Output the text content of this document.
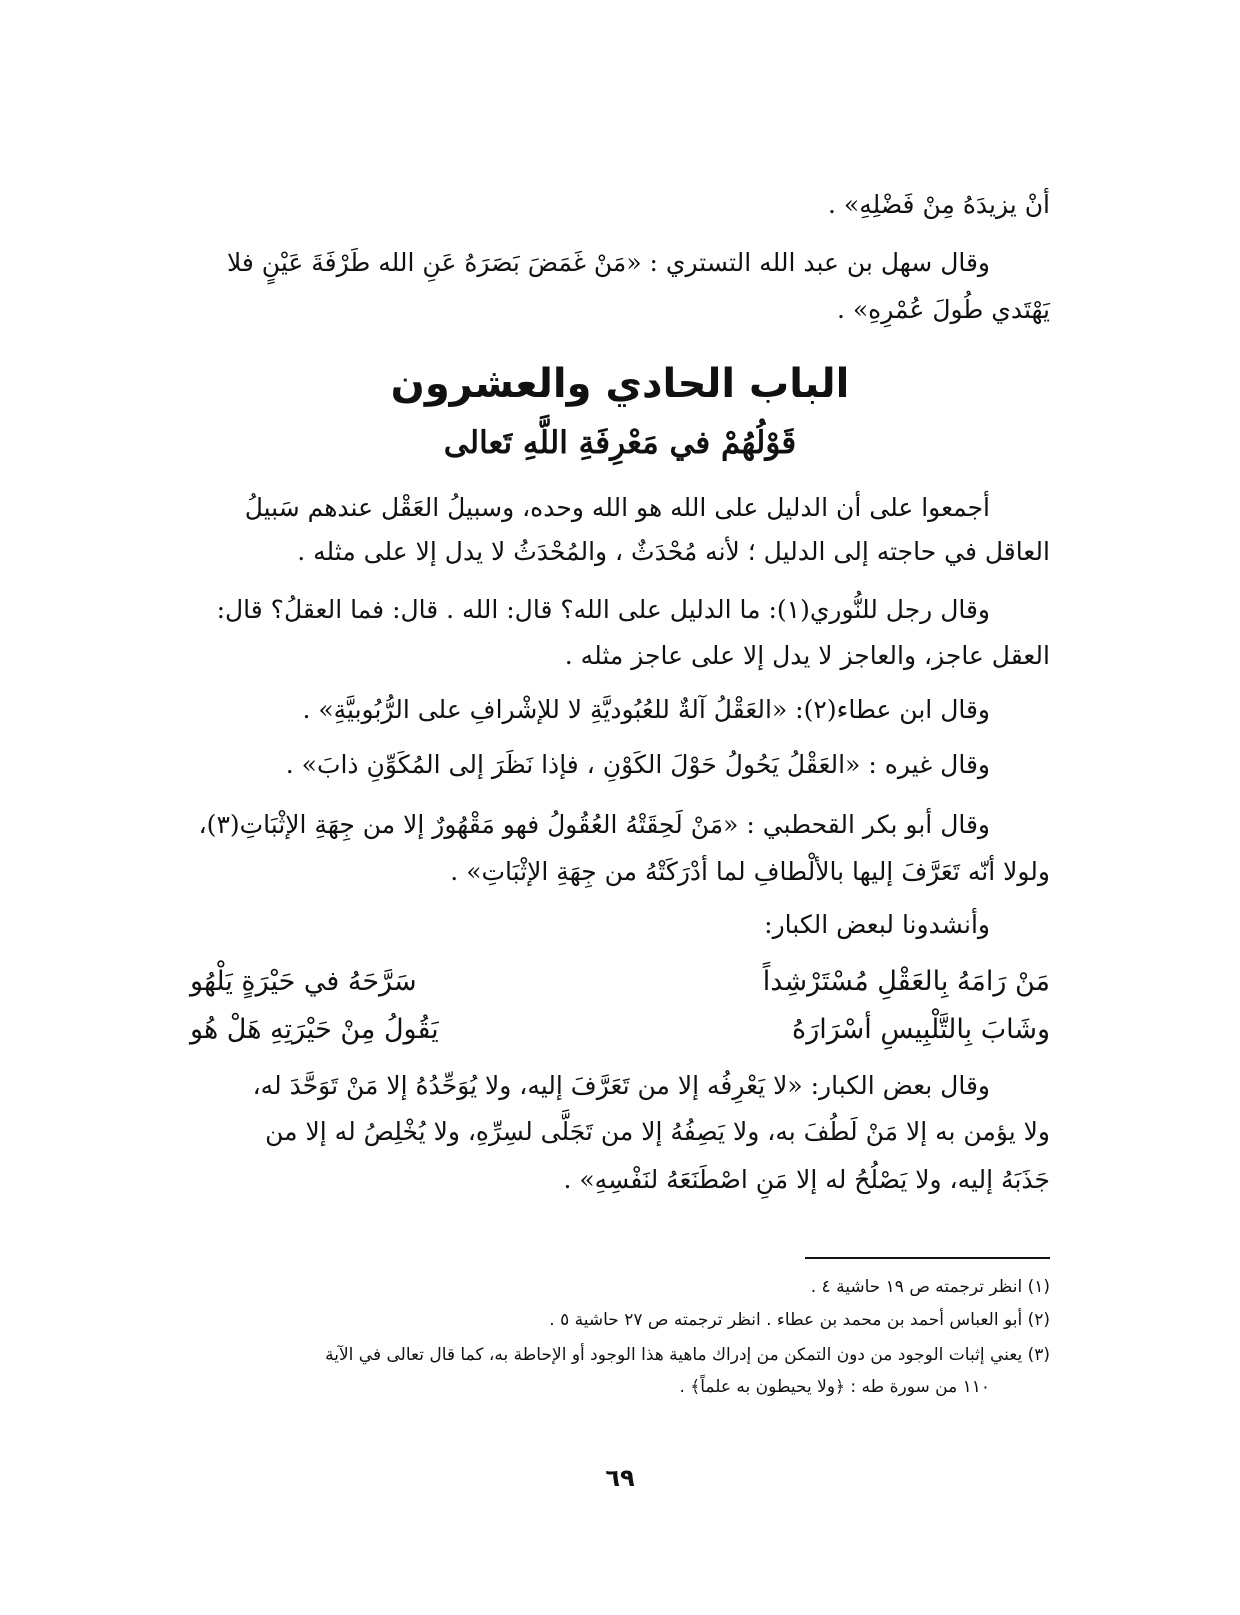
أنْ يزيدَهُ مِنْ فَضْلِهِ» .

وقال سهل بن عبد الله التستري : «مَنْ غَمَضَ بَصَرَهُ عَنِ الله طَرْفَةَ عَيْنٍ فلا

يَهْتَدي طُولَ عُمْرِهِ» .

الباب الحادي والعشرون
قَوْلُهُمْ في مَعْرِفَةِ اللَّهِ تَعالى

أجمعوا على أن الدليل على الله هو الله وحده، وسبيلُ العَقْل عندهم سَبيلُ

العاقل في حاجته إلى الدليل ؛ لأنه مُحْدَثٌ ، والمُحْدَثُ لا يدل إلا على مثله .

وقال رجل للنُّوري(١): ما الدليل على الله؟ قال: الله . قال: فما العقلُ؟ قال:

العقل عاجز، والعاجز لا يدل إلا على عاجز مثله .

وقال ابن عطاء(٢): «العَقْلُ آلةٌ للعُبُوديَّةِ لا للإشْرافِ على الرُّبُوبيَّةِ» .

وقال غيره : «العَقْلُ يَحُولُ حَوْلَ الكَوْنِ ، فإذا نَظَرَ إلى المُكَوِّنِ ذابَ» .

وقال أبو بكر القحطبي : «مَنْ لَحِقَتْهُ العُقُولُ فهو مَقْهُورٌ إلا من جِهَةِ الإثْبَاتِ(٣)،

ولولا أنّه تَعَرَّفَ إليها بالألْطافِ لما أدْرَكَتْهُ من جِهَةِ الإثْبَاتِ» .

وأنشدونا لبعض الكبار:

مَنْ رَامَهُ بِالعَقْلِ مُسْتَرْشِداً
سَرَّحَهُ في حَيْرَةٍ يَلْهُو
وشَابَ بِالتَّلْبِيسِ أسْرَارَهُ
يَقُولُ مِنْ حَيْرَتِهِ هَلْ هُو

وقال بعض الكبار: «لا يَعْرِفُه إلا من تَعَرَّفَ إليه، ولا يُوَحِّدُهُ إلا مَنْ تَوَحَّدَ له،

ولا يؤمن به إلا مَنْ لَطُفَ به، ولا يَصِفُهُ إلا من تَجَلَّى لسِرِّهِ، ولا يُخْلِصُ له إلا من

جَذَبَهُ إليه، ولا يَصْلُحُ له إلا مَنِ اصْطَنَعَهُ لنَفْسِهِ» .

(١) انظر ترجمته ص ١٩ حاشية ٤ .

(٢) أبو العباس أحمد بن محمد بن عطاء . انظر ترجمته ص ٢٧ حاشية ٥ .

(٣) يعني إثبات الوجود من دون التمكن من إدراك ماهية هذا الوجود أو الإحاطة به، كما قال تعالى في الآية

١١٠ من سورة طه : ﴿ولا يحيطون به علماً﴾ .

٦٩
